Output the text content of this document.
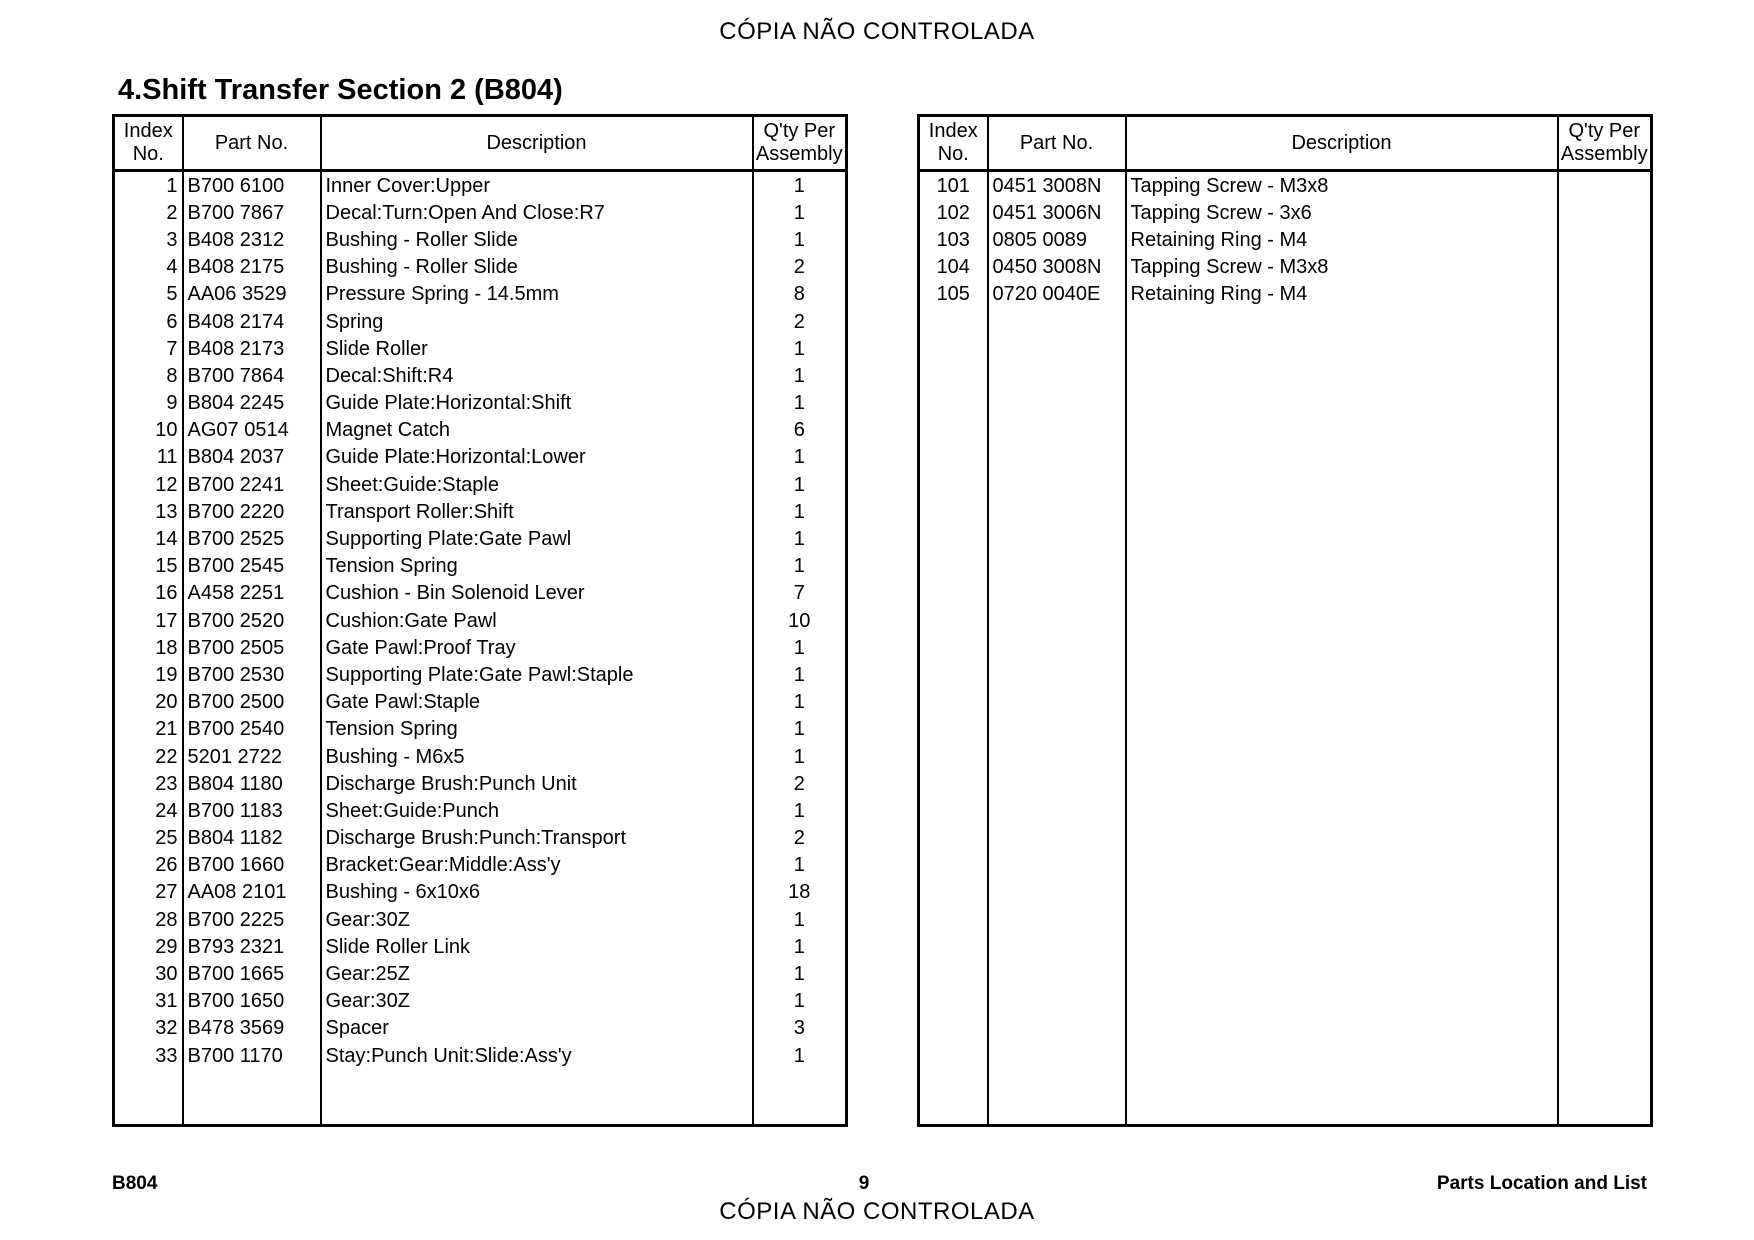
CÓPIA NÃO CONTROLADA
4.Shift Transfer Section 2 (B804)
Index
No.	Part No.	Description	Q'ty Per
Assembly
1	B700 6100	Inner Cover:Upper	1
2	B700 7867	Decal:Turn:Open And Close:R7	1
3	B408 2312	Bushing - Roller Slide	1
4	B408 2175	Bushing - Roller Slide	2
5	AA06 3529	Pressure Spring - 14.5mm	8
6	B408 2174	Spring	2
7	B408 2173	Slide Roller	1
8	B700 7864	Decal:Shift:R4	1
9	B804 2245	Guide Plate:Horizontal:Shift	1
10	AG07 0514	Magnet Catch	6
11	B804 2037	Guide Plate:Horizontal:Lower	1
12	B700 2241	Sheet:Guide:Staple	1
13	B700 2220	Transport Roller:Shift	1
14	B700 2525	Supporting Plate:Gate Pawl	1
15	B700 2545	Tension Spring	1
16	A458 2251	Cushion - Bin Solenoid Lever	7
17	B700 2520	Cushion:Gate Pawl	10
18	B700 2505	Gate Pawl:Proof Tray	1
19	B700 2530	Supporting Plate:Gate Pawl:Staple	1
20	B700 2500	Gate Pawl:Staple	1
21	B700 2540	Tension Spring	1
22	5201 2722	Bushing - M6x5	1
23	B804 1180	Discharge Brush:Punch Unit	2
24	B700 1183	Sheet:Guide:Punch	1
25	B804 1182	Discharge Brush:Punch:Transport	2
26	B700 1660	Bracket:Gear:Middle:Ass'y	1
27	AA08 2101	Bushing - 6x10x6	18
28	B700 2225	Gear:30Z	1
29	B793 2321	Slide Roller Link	1
30	B700 1665	Gear:25Z	1
31	B700 1650	Gear:30Z	1
32	B478 3569	Spacer	3
33	B700 1170	Stay:Punch Unit:Slide:Ass'y	1

Index
No.	Part No.	Description	Q'ty Per
Assembly
101	0451 3008N	Tapping Screw - M3x8	
102	0451 3006N	Tapping Screw - 3x6	
103	0805 0089	Retaining Ring - M4	
104	0450 3008N	Tapping Screw - M3x8	
105	0720 0040E	Retaining Ring - M4	

B804	9	Parts Location and List
CÓPIA NÃO CONTROLADA
